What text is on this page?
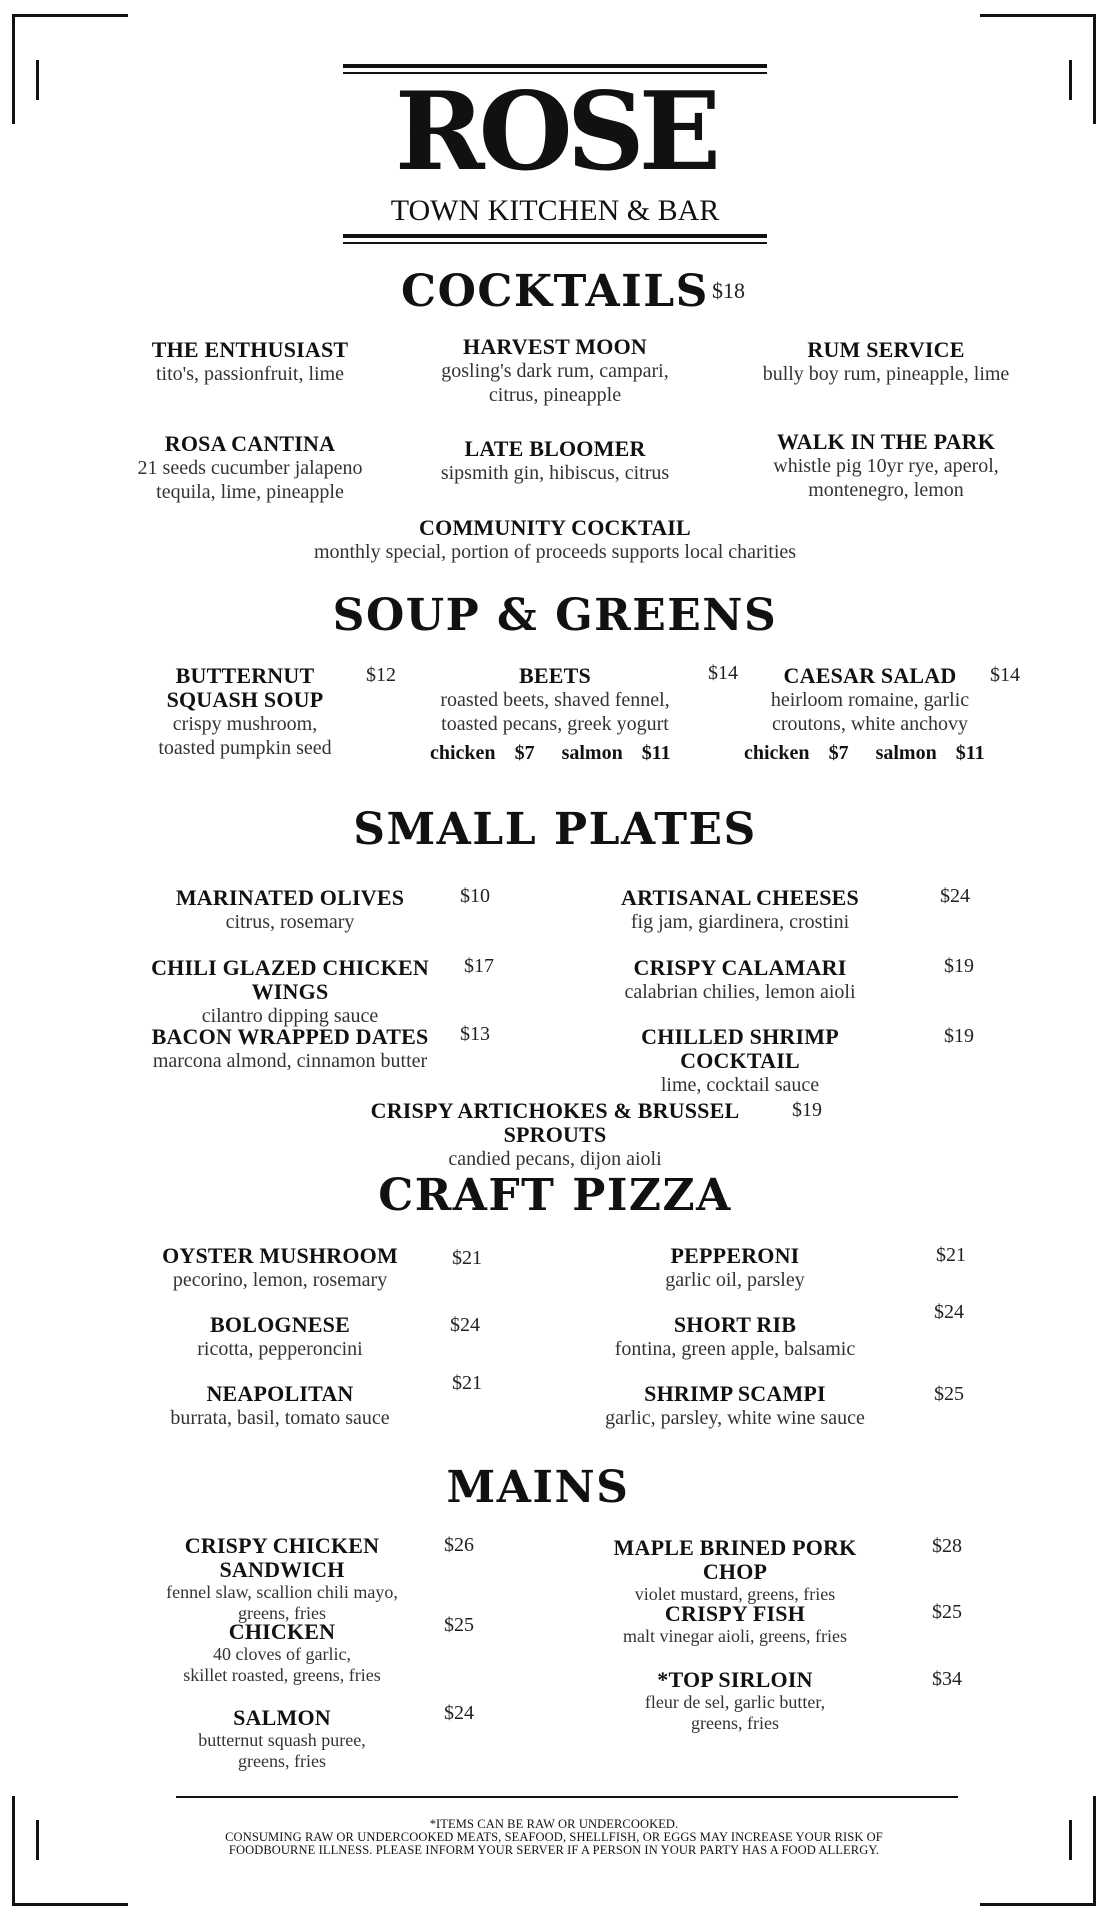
ROSE
TOWN KITCHEN & BAR
COCKTAILS $18
THE ENTHUSIAST
tito's, passionfruit, lime
HARVEST MOON
gosling's dark rum, campari,
citrus, pineapple
RUM SERVICE
bully boy rum, pineapple, lime
ROSA CANTINA
21 seeds cucumber jalapeno
tequila, lime, pineapple
LATE BLOOMER
sipsmith gin, hibiscus, citrus
WALK IN THE PARK
whistle pig 10yr rye, aperol,
montenegro, lemon
COMMUNITY COCKTAIL
monthly special, portion of proceeds supports local charities
SOUP & GREENS
BUTTERNUT
SQUASH SOUP
crispy mushroom,
toasted pumpkin seed
$12	BEETS
roasted beets, shaved fennel,
toasted pecans, greek yogurt
$14
chicken $7 salmon $11
CAESAR SALAD
heirloom romaine, garlic
croutons, white anchovy
$14
chicken $7 salmon $11
SMALL PLATES
MARINATED OLIVES
citrus, rosemary
$10	ARTISANAL CHEESES
fig jam, giardinera, crostini
$24
CHILI GLAZED CHICKEN WINGS
cilantro dipping sauce
$17	CRISPY CALAMARI
calabrian chilies, lemon aioli
$19
BACON WRAPPED DATES
marcona almond, cinnamon butter
$13	CHILLED SHRIMP COCKTAIL
lime, cocktail sauce
$19
CRISPY ARTICHOKES & BRUSSEL SPROUTS
candied pecans, dijon aioli
$19
CRAFT PIZZA
OYSTER MUSHROOM
pecorino, lemon, rosemary
$21	PEPPERONI
garlic oil, parsley
$21
BOLOGNESE
ricotta, pepperoncini
$24	SHORT RIB
fontina, green apple, balsamic
$24
NEAPOLITAN
burrata, basil, tomato sauce
$21	SHRIMP SCAMPI
garlic, parsley, white wine sauce
$25
MAINS
CRISPY CHICKEN SANDWICH
fennel slaw, scallion chili mayo,
greens, fries
$26	MAPLE BRINED PORK CHOP
violet mustard, greens, fries
$28
CHICKEN
40 cloves of garlic,
skillet roasted, greens, fries
$25	CRISPY FISH
malt vinegar aioli, greens, fries
$25
SALMON
butternut squash puree,
greens, fries
$24
*TOP SIRLOIN
fleur de sel, garlic butter,
greens, fries
$34
*ITEMS CAN BE RAW OR UNDERCOOKED.
CONSUMING RAW OR UNDERCOOKED MEATS, SEAFOOD, SHELLFISH, OR EGGS MAY INCREASE YOUR RISK OF
FOODBOURNE ILLNESS. PLEASE INFORM YOUR SERVER IF A PERSON IN YOUR PARTY HAS A FOOD ALLERGY.
